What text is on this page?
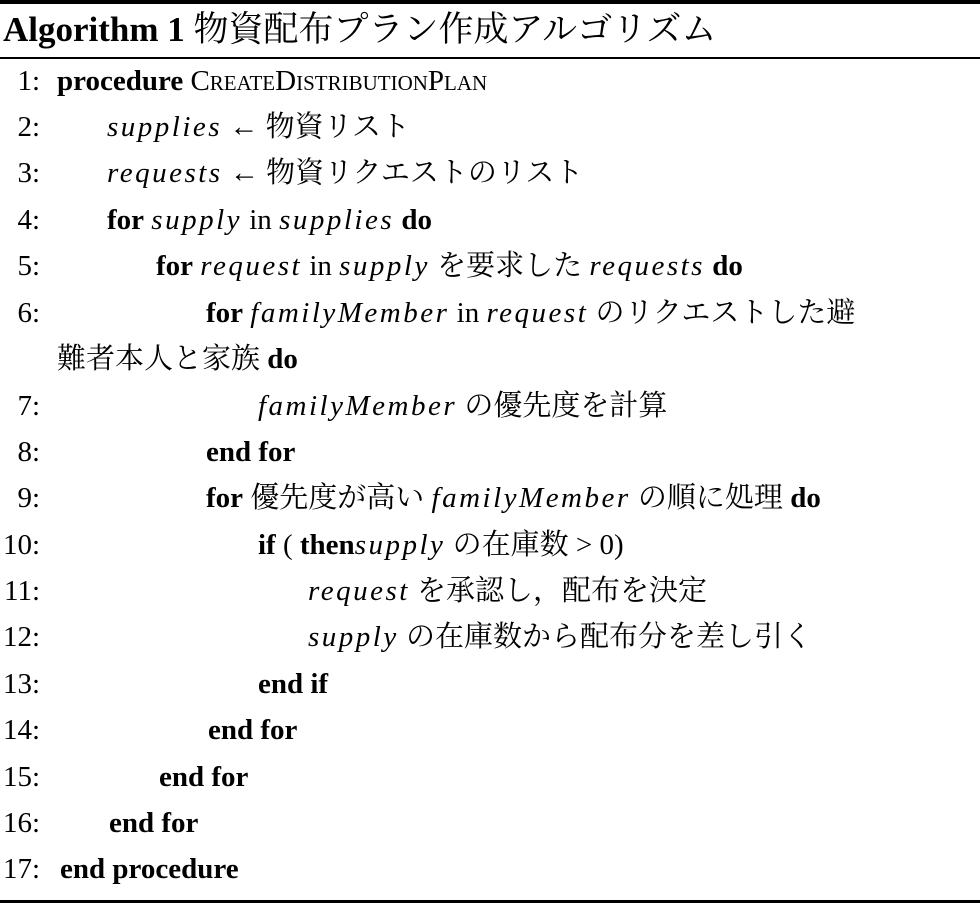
Algorithm 1 物資配布プラン作成アルゴリズム
1: procedure CREATEDISTRIBUTIONPLAN
2: supplies ← 物資リスト
3: requests ← 物資リクエストのリスト
4: for supply in supplies do
5:	for request in supply を要求した requests do
6:	for familyMember in request のリクエストした避
難者本人と家族 do
7:	familyMember の優先度を計算
8:	end for
9:	for 優先度が高い familyMember の順に処理 do
10:	if ( thensupply の在庫数 > 0)
11:	request を承認し，配布を決定
12:	supply の在庫数から配布分を差し引く
13:	end if
14:	end for
15:	end for
16: end for
17: end procedure
